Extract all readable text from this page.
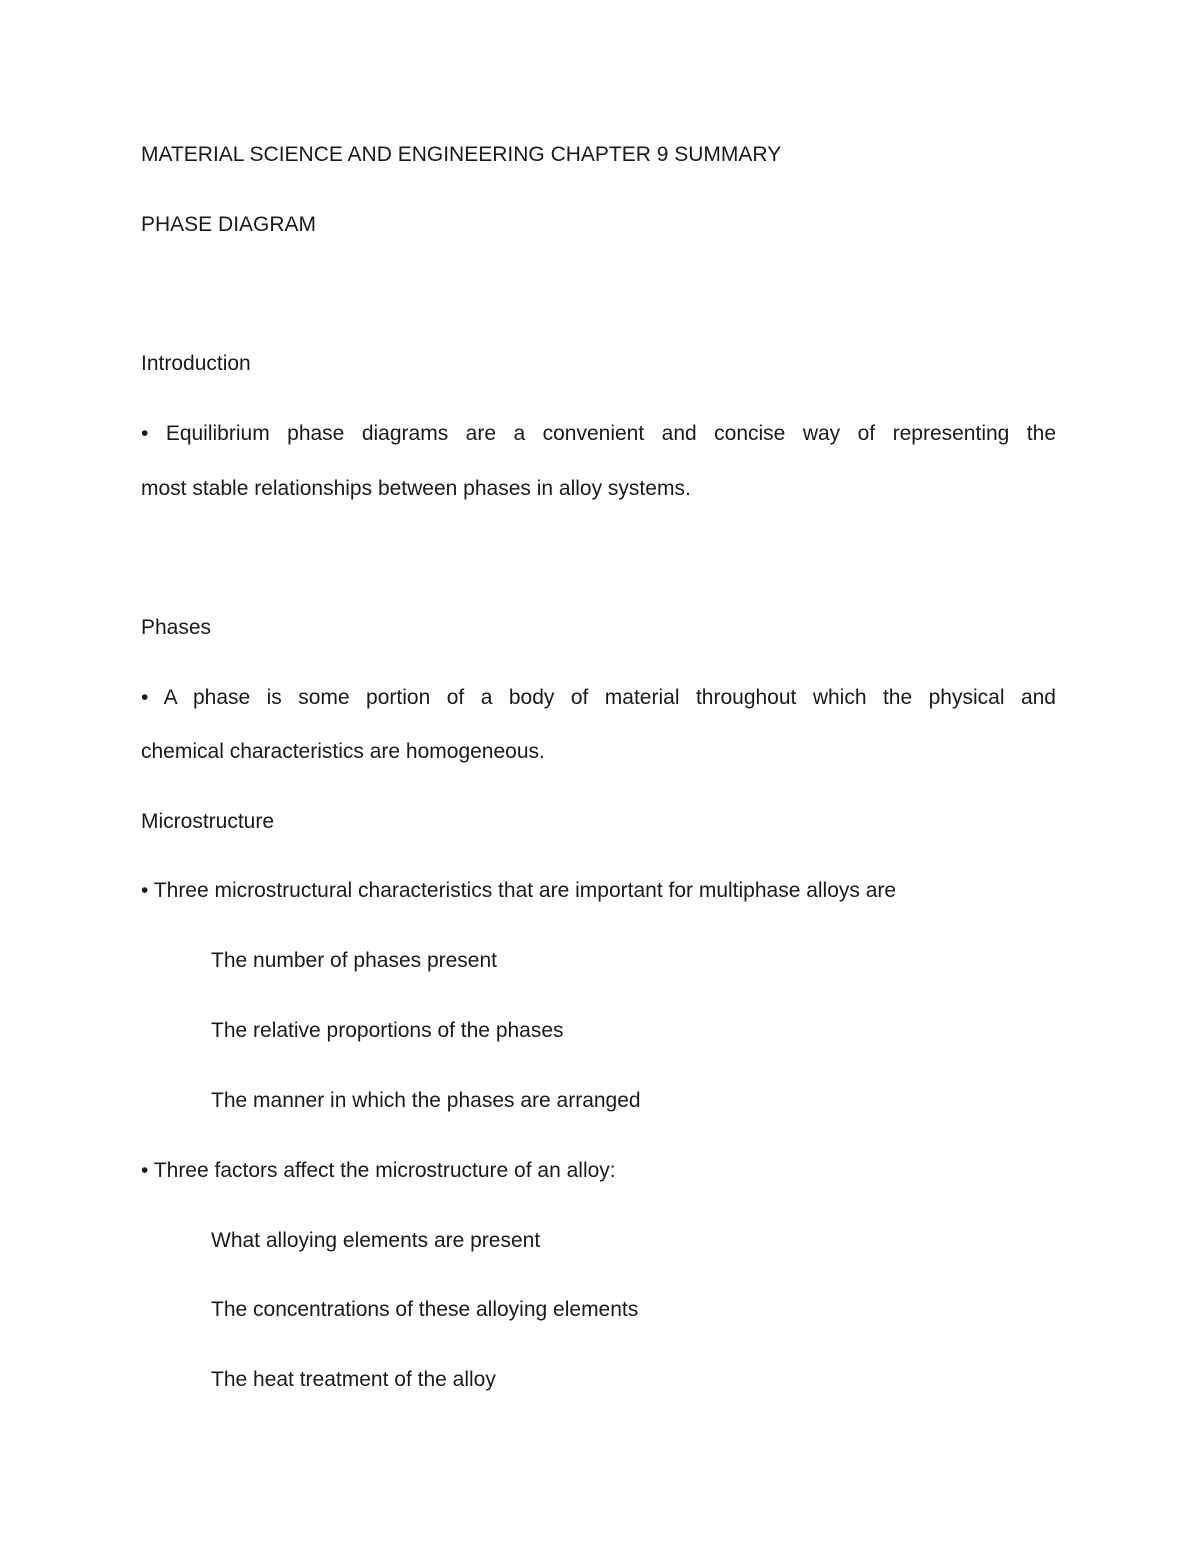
MATERIAL SCIENCE AND ENGINEERING CHAPTER 9 SUMMARY
PHASE DIAGRAM
Introduction

• Equilibrium phase diagrams are a convenient and concise way of representing the

most stable relationships between phases in alloy systems.

Phases

• A phase is some portion of a body of material throughout which the physical and

chemical characteristics are homogeneous.

Microstructure

• Three microstructural characteristics that are important for multiphase alloys are

The number of phases present

The relative proportions of the phases

The manner in which the phases are arranged

• Three factors affect the microstructure of an alloy:

What alloying elements are present

The concentrations of these alloying elements

The heat treatment of the alloy
